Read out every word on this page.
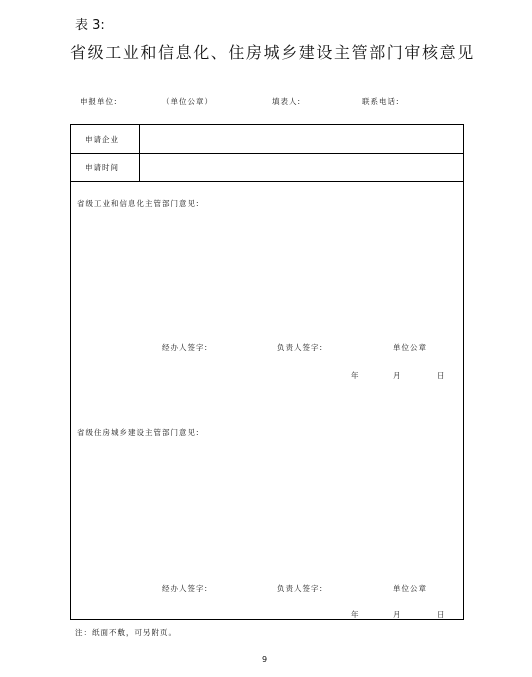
表 3:
省级工业和信息化、住房城乡建设主管部门审核意见
申报单位:	（单位公章）	填表人:	联系电话:
申请企业
申请时间
省级工业和信息化主管部门意见:
经办人签字:	负责人签字:	单位公章
年	月	日
省级住房城乡建设主管部门意见:
经办人签字:	负责人签字:	单位公章
年	月	日
注：纸面不敷，可另附页。
9
